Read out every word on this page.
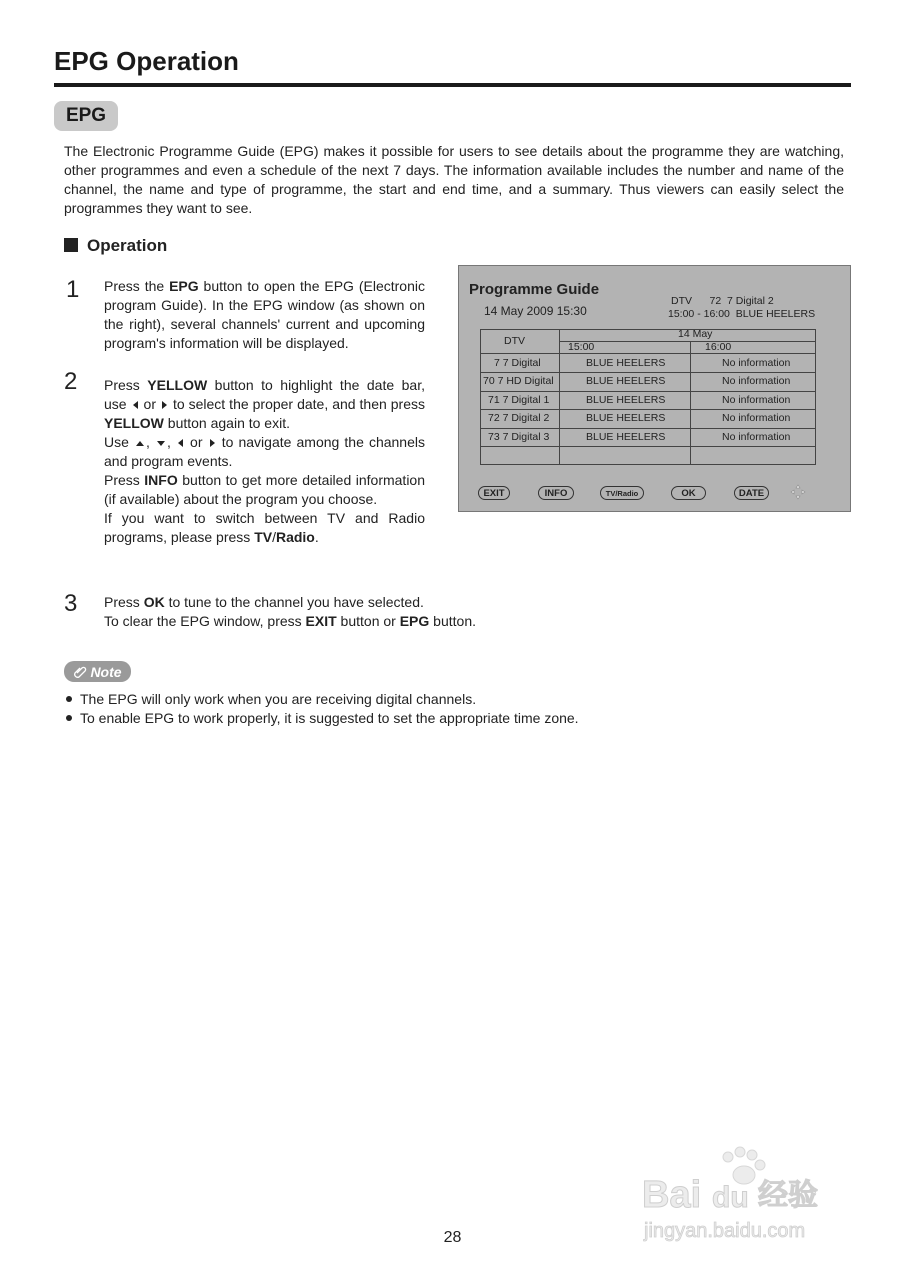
EPG Operation
EPG
The Electronic Programme Guide (EPG) makes it possible for users to see details about the programme they are watching, other programmes and even a schedule of the next 7 days. The information available includes the number and name of the channel, the name and type of programme, the start and end time, and a summary. Thus viewers can easily select the programmes they want to see.
Operation
1 Press the EPG button to open the EPG (Electronic program Guide). In the EPG window (as shown on the right), several channels' current and upcoming program's information will be displayed.
2 Press YELLOW button to highlight the date bar, use  or  to select the proper date, and then press YELLOW button again to exit.
Use , ,  or  to navigate among the channels and program events.
Press INFO button to get more detailed information (if available) about the program you choose.
If you want to switch between TV and Radio programs, please press TV/Radio.
3 Press OK to tune to the channel you have selected.
To clear the EPG window, press EXIT button or EPG button.
Programme Guide
14 May 2009 15:30
DTV      72  7 Digital 2
15:00 - 16:00  BLUE HEELERS
DTV
14 May
15:00	16:00
7 7 Digital	BLUE HEELERS	No information
70 7 HD Digital	BLUE HEELERS	No information
71 7 Digital 1	BLUE HEELERS	No information
72 7 Digital 2	BLUE HEELERS	No information
73 7 Digital 3	BLUE HEELERS	No information
EXIT	INFO	TV/Radio	OK	DATE
Note
The EPG will only work when you are receiving digital channels.
To enable EPG to work properly, it is suggested to set the appropriate time zone.
Bai du 经验
jingyan.baidu.com
28
